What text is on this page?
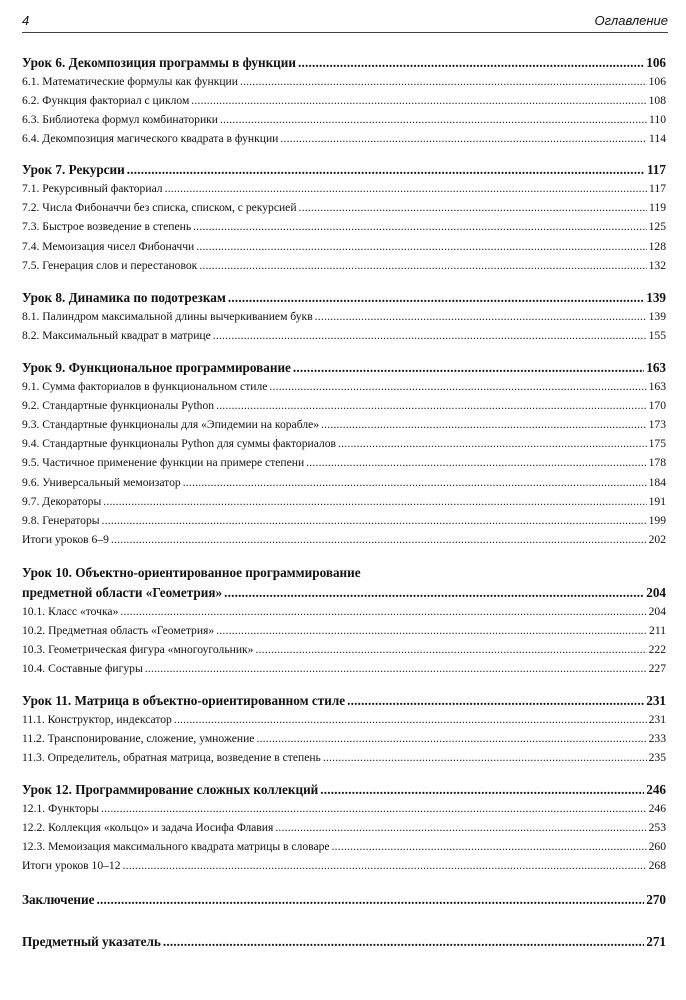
4	Оглавление
Урок 6. Декомпозиция программы в функции .....	106
6.1. Математические формулы как функции .....	106
6.2. Функция факториал с циклом .....	108
6.3. Библиотека формул комбинаторики .....	110
6.4. Декомпозиция магического квадрата в функции .....	114
Урок 7. Рекурсии .....	117
7.1. Рекурсивный факториал .....	117
7.2. Числа Фибоначчи без списка, списком, с рекурсией .....	119
7.3. Быстрое возведение в степень .....	125
7.4. Мемоизация чисел Фибоначчи .....	128
7.5. Генерация слов и перестановок .....	132
Урок 8. Динамика по подотрезкам .....	139
8.1. Палиндром максимальной длины вычеркиванием букв .....	139
8.2. Максимальный квадрат в матрице .....	155
Урок 9. Функциональное программирование .....	163
9.1. Сумма факториалов в функциональном стиле .....	163
9.2. Стандартные функционалы Python .....	170
9.3. Стандартные функционалы для «Эпидемии на корабле» .....	173
9.4. Стандартные функционалы Python для суммы факториалов .....	175
9.5. Частичное применение функции на примере степени .....	178
9.6. Универсальный мемоизатор .....	184
9.7. Декораторы .....	191
9.8. Генераторы .....	199
Итоги уроков 6–9 .....	202
Урок 10. Объектно-ориентированное программирование
предметной области «Геометрия» .....	204
10.1. Класс «точка» .....	204
10.2. Предметная область «Геометрия» .....	211
10.3. Геометрическая фигура «многоугольник» .....	222
10.4. Составные фигуры .....	227
Урок 11. Матрица в объектно-ориентированном стиле .....	231
11.1. Конструктор, индексатор .....	231
11.2. Транспонирование, сложение, умножение .....	233
11.3. Определитель, обратная матрица, возведение в степень .....	235
Урок 12. Программирование сложных коллекций .....	246
12.1. Функторы .....	246
12.2. Коллекция «кольцо» и задача Иосифа Флавия .....	253
12.3. Мемоизация максимального квадрата матрицы в словаре .....	260
Итоги уроков 10–12 .....	268
Заключение .....	270
Предметный указатель .....	271
